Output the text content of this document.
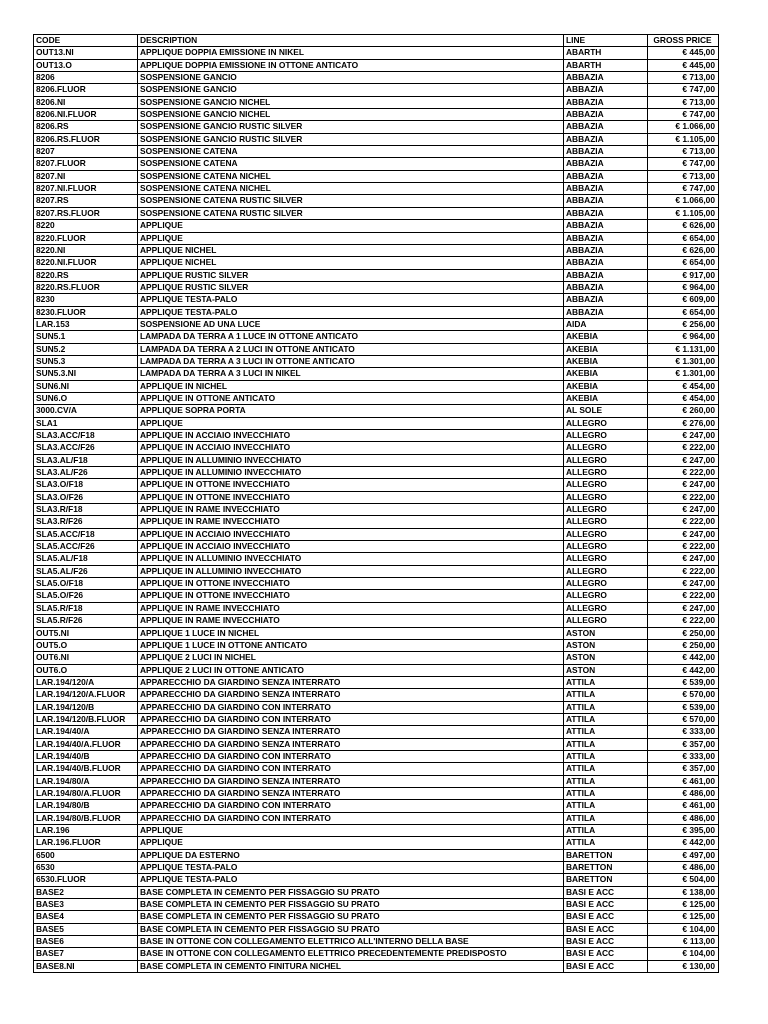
CODE	DESCRIPTION	LINE	GROSS PRICE
OUT13.NI	APPLIQUE DOPPIA EMISSIONE IN NIKEL	ABARTH	€ 445,00
OUT13.O	APPLIQUE DOPPIA EMISSIONE IN OTTONE ANTICATO	ABARTH	€ 445,00
8206	SOSPENSIONE GANCIO	ABBAZIA	€ 713,00
8206.FLUOR	SOSPENSIONE GANCIO	ABBAZIA	€ 747,00
8206.NI	SOSPENSIONE GANCIO NICHEL	ABBAZIA	€ 713,00
8206.NI.FLUOR	SOSPENSIONE GANCIO NICHEL	ABBAZIA	€ 747,00
8206.RS	SOSPENSIONE GANCIO RUSTIC SILVER	ABBAZIA	€ 1.066,00
8206.RS.FLUOR	SOSPENSIONE GANCIO RUSTIC SILVER	ABBAZIA	€ 1.105,00
8207	SOSPENSIONE CATENA	ABBAZIA	€ 713,00
8207.FLUOR	SOSPENSIONE CATENA	ABBAZIA	€ 747,00
8207.NI	SOSPENSIONE CATENA NICHEL	ABBAZIA	€ 713,00
8207.NI.FLUOR	SOSPENSIONE CATENA NICHEL	ABBAZIA	€ 747,00
8207.RS	SOSPENSIONE CATENA RUSTIC SILVER	ABBAZIA	€ 1.066,00
8207.RS.FLUOR	SOSPENSIONE CATENA RUSTIC SILVER	ABBAZIA	€ 1.105,00
8220	APPLIQUE	ABBAZIA	€ 626,00
8220.FLUOR	APPLIQUE	ABBAZIA	€ 654,00
8220.NI	APPLIQUE NICHEL	ABBAZIA	€ 626,00
8220.NI.FLUOR	APPLIQUE NICHEL	ABBAZIA	€ 654,00
8220.RS	APPLIQUE RUSTIC SILVER	ABBAZIA	€ 917,00
8220.RS.FLUOR	APPLIQUE RUSTIC SILVER	ABBAZIA	€ 964,00
8230	APPLIQUE TESTA-PALO	ABBAZIA	€ 609,00
8230.FLUOR	APPLIQUE TESTA-PALO	ABBAZIA	€ 654,00
LAR.153	SOSPENSIONE AD UNA LUCE	AIDA	€ 256,00
SUN5.1	LAMPADA DA TERRA A 1 LUCE IN OTTONE ANTICATO	AKEBIA	€ 964,00
SUN5.2	LAMPADA DA TERRA A 2 LUCI IN OTTONE ANTICATO	AKEBIA	€ 1.131,00
SUN5.3	LAMPADA DA TERRA A 3 LUCI IN OTTONE ANTICATO	AKEBIA	€ 1.301,00
SUN5.3.NI	LAMPADA DA TERRA A 3 LUCI IN NIKEL	AKEBIA	€ 1.301,00
SUN6.NI	APPLIQUE IN NICHEL	AKEBIA	€ 454,00
SUN6.O	APPLIQUE IN OTTONE ANTICATO	AKEBIA	€ 454,00
3000.CV/A	APPLIQUE SOPRA PORTA	AL SOLE	€ 260,00
SLA1	APPLIQUE	ALLEGRO	€ 276,00
SLA3.ACC/F18	APPLIQUE IN ACCIAIO INVECCHIATO	ALLEGRO	€ 247,00
SLA3.ACC/F26	APPLIQUE IN ACCIAIO INVECCHIATO	ALLEGRO	€ 222,00
SLA3.AL/F18	APPLIQUE IN ALLUMINIO INVECCHIATO	ALLEGRO	€ 247,00
SLA3.AL/F26	APPLIQUE IN ALLUMINIO INVECCHIATO	ALLEGRO	€ 222,00
SLA3.O/F18	APPLIQUE IN OTTONE INVECCHIATO	ALLEGRO	€ 247,00
SLA3.O/F26	APPLIQUE IN OTTONE INVECCHIATO	ALLEGRO	€ 222,00
SLA3.R/F18	APPLIQUE IN RAME INVECCHIATO	ALLEGRO	€ 247,00
SLA3.R/F26	APPLIQUE IN RAME INVECCHIATO	ALLEGRO	€ 222,00
SLA5.ACC/F18	APPLIQUE IN ACCIAIO INVECCHIATO	ALLEGRO	€ 247,00
SLA5.ACC/F26	APPLIQUE IN ACCIAIO INVECCHIATO	ALLEGRO	€ 222,00
SLA5.AL/F18	APPLIQUE IN ALLUMINIO INVECCHIATO	ALLEGRO	€ 247,00
SLA5.AL/F26	APPLIQUE IN ALLUMINIO INVECCHIATO	ALLEGRO	€ 222,00
SLA5.O/F18	APPLIQUE IN OTTONE INVECCHIATO	ALLEGRO	€ 247,00
SLA5.O/F26	APPLIQUE IN OTTONE INVECCHIATO	ALLEGRO	€ 222,00
SLA5.R/F18	APPLIQUE IN RAME INVECCHIATO	ALLEGRO	€ 247,00
SLA5.R/F26	APPLIQUE IN RAME INVECCHIATO	ALLEGRO	€ 222,00
OUT5.NI	APPLIQUE 1 LUCE IN NICHEL	ASTON	€ 250,00
OUT5.O	APPLIQUE 1 LUCE IN OTTONE ANTICATO	ASTON	€ 250,00
OUT6.NI	APPLIQUE 2 LUCI IN NICHEL	ASTON	€ 442,00
OUT6.O	APPLIQUE 2 LUCI IN OTTONE ANTICATO	ASTON	€ 442,00
LAR.194/120/A	APPARECCHIO DA GIARDINO SENZA INTERRATO	ATTILA	€ 539,00
LAR.194/120/A.FLUOR	APPARECCHIO DA GIARDINO SENZA INTERRATO	ATTILA	€ 570,00
LAR.194/120/B	APPARECCHIO DA GIARDINO CON INTERRATO	ATTILA	€ 539,00
LAR.194/120/B.FLUOR	APPARECCHIO DA GIARDINO CON INTERRATO	ATTILA	€ 570,00
LAR.194/40/A	APPARECCHIO DA GIARDINO SENZA INTERRATO	ATTILA	€ 333,00
LAR.194/40/A.FLUOR	APPARECCHIO DA GIARDINO SENZA INTERRATO	ATTILA	€ 357,00
LAR.194/40/B	APPARECCHIO DA GIARDINO CON INTERRATO	ATTILA	€ 333,00
LAR.194/40/B.FLUOR	APPARECCHIO DA GIARDINO CON INTERRATO	ATTILA	€ 357,00
LAR.194/80/A	APPARECCHIO DA GIARDINO SENZA INTERRATO	ATTILA	€ 461,00
LAR.194/80/A.FLUOR	APPARECCHIO DA GIARDINO SENZA INTERRATO	ATTILA	€ 486,00
LAR.194/80/B	APPARECCHIO DA GIARDINO CON INTERRATO	ATTILA	€ 461,00
LAR.194/80/B.FLUOR	APPARECCHIO DA GIARDINO CON INTERRATO	ATTILA	€ 486,00
LAR.196	APPLIQUE	ATTILA	€ 395,00
LAR.196.FLUOR	APPLIQUE	ATTILA	€ 442,00
6500	APPLIQUE DA ESTERNO	BARETTON	€ 497,00
6530	APPLIQUE TESTA-PALO	BARETTON	€ 486,00
6530.FLUOR	APPLIQUE TESTA-PALO	BARETTON	€ 504,00
BASE2	BASE COMPLETA IN CEMENTO PER FISSAGGIO SU PRATO	BASI E ACC	€ 138,00
BASE3	BASE COMPLETA IN CEMENTO PER FISSAGGIO SU PRATO	BASI E ACC	€ 125,00
BASE4	BASE COMPLETA IN CEMENTO PER FISSAGGIO SU PRATO	BASI E ACC	€ 125,00
BASE5	BASE COMPLETA IN CEMENTO PER FISSAGGIO SU PRATO	BASI E ACC	€ 104,00
BASE6	BASE IN OTTONE CON COLLEGAMENTO ELETTRICO ALL'INTERNO DELLA BASE	BASI E ACC	€ 113,00
BASE7	BASE IN OTTONE CON COLLEGAMENTO ELETTRICO PRECEDENTEMENTE PREDISPOSTO	BASI E ACC	€ 104,00
BASE8.NI	BASE COMPLETA IN CEMENTO FINITURA NICHEL	BASI E ACC	€ 130,00
